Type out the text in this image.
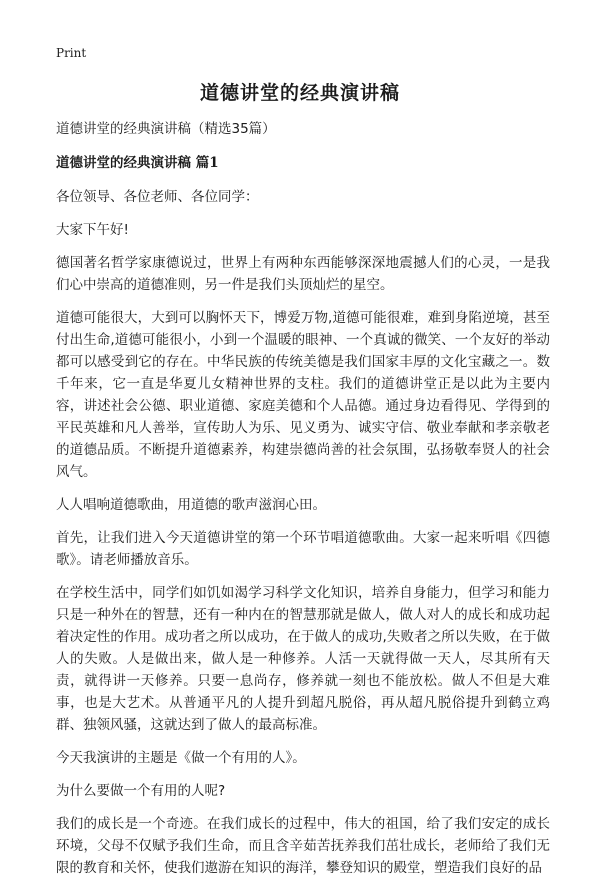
Print
道德讲堂的经典演讲稿

道德讲堂的经典演讲稿（精选35篇）

道德讲堂的经典演讲稿 篇1

各位领导、各位老师、各位同学：

大家下午好!

德国著名哲学家康德说过，世界上有两种东西能够深深地震撼人们的心灵，一是我们心中崇高的道德准则，另一件是我们头顶灿烂的星空。

道德可能很大，大到可以胸怀天下，博爱万物,道德可能很难，难到身陷逆境，甚至付出生命,道德可能很小，小到一个温暖的眼神、一个真诚的微笑、一个友好的举动都可以感受到它的存在。中华民族的传统美德是我们国家丰厚的文化宝藏之一。数千年来，它一直是华夏儿女精神世界的支柱。我们的道德讲堂正是以此为主要内容，讲述社会公德、职业道德、家庭美德和个人品德。通过身边看得见、学得到的平民英雄和凡人善举，宣传助人为乐、见义勇为、诚实守信、敬业奉献和孝亲敬老的道德品质。不断提升道德素养，构建崇德尚善的社会氛围，弘扬敬奉贤人的社会风气。

人人唱响道德歌曲，用道德的歌声滋润心田。

首先，让我们进入今天道德讲堂的第一个环节唱道德歌曲。大家一起来听唱《四德歌》。请老师播放音乐。

在学校生活中，同学们如饥如渴学习科学文化知识，培养自身能力，但学习和能力只是一种外在的智慧，还有一种内在的智慧那就是做人，做人对人的成长和成功起着决定性的作用。成功者之所以成功，在于做人的成功,失败者之所以失败，在于做人的失败。人是做出来，做人是一种修养。人活一天就得做一天人，尽其所有天责，就得讲一天修养。只要一息尚存，修养就一刻也不能放松。做人不但是大难事，也是大艺术。从普通平凡的人提升到超凡脱俗，再从超凡脱俗提升到鹤立鸡群、独领风骚，这就达到了做人的最高标准。

今天我演讲的主题是《做一个有用的人》。

为什么要做一个有用的人呢?

我们的成长是一个奇迹。在我们成长的过程中，伟大的祖国，给了我们安定的成长环境，父母不仅赋予我们生命，而且含辛茹苦抚养我们茁壮成长，老师给了我们无限的教育和关怀，使我们遨游在知识的海洋，攀登知识的殿堂，塑造我们良好的品
